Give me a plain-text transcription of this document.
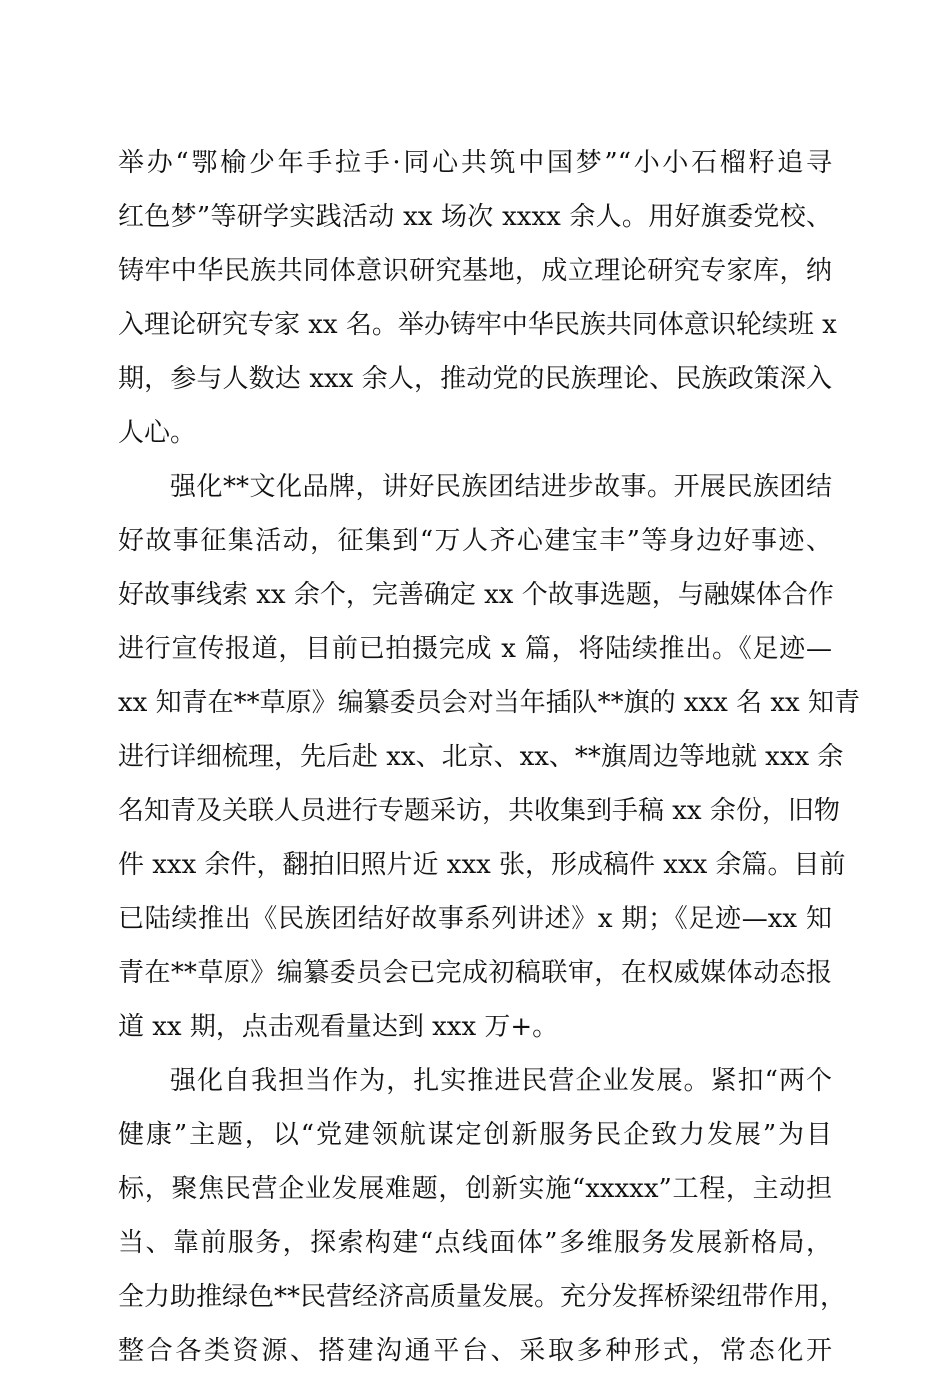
举办“鄂榆少年手拉手·同心共筑中国梦”“小小石榴籽追寻
红色梦”等研学实践活动 xx 场次 xxxx 余人。用好旗委党校、
铸牢中华民族共同体意识研究基地，成立理论研究专家库，纳
入理论研究专家 xx 名。举办铸牢中华民族共同体意识轮续班 x
期，参与人数达 xxx 余人，推动党的民族理论、民族政策深入
人心。
强化**文化品牌，讲好民族团结进步故事。开展民族团结
好故事征集活动，征集到“万人齐心建宝丰”等身边好事迹、
好故事线索 xx 余个，完善确定 xx 个故事选题，与融媒体合作
进行宣传报道，目前已拍摄完成 x 篇，将陆续推出。《足迹—
xx 知青在**草原》编纂委员会对当年插队**旗的 xxx 名 xx 知青
进行详细梳理，先后赴 xx、北京、xx、**旗周边等地就 xxx 余
名知青及关联人员进行专题采访，共收集到手稿 xx 余份，旧物
件 xxx 余件，翻拍旧照片近 xxx 张，形成稿件 xxx 余篇。目前
已陆续推出《民族团结好故事系列讲述》x 期；《足迹—xx 知
青在**草原》编纂委员会已完成初稿联审，在权威媒体动态报
道 xx 期，点击观看量达到 xxx 万+。
强化自我担当作为，扎实推进民营企业发展。紧扣“两个
健康”主题，以“党建领航谋定创新服务民企致力发展”为目
标，聚焦民营企业发展难题，创新实施“xxxxx”工程，主动担
当、靠前服务，探索构建“点线面体”多维服务发展新格局，
全力助推绿色**民营经济高质量发展。充分发挥桥梁纽带作用，
整合各类资源、搭建沟通平台、采取多种形式，常态化开
